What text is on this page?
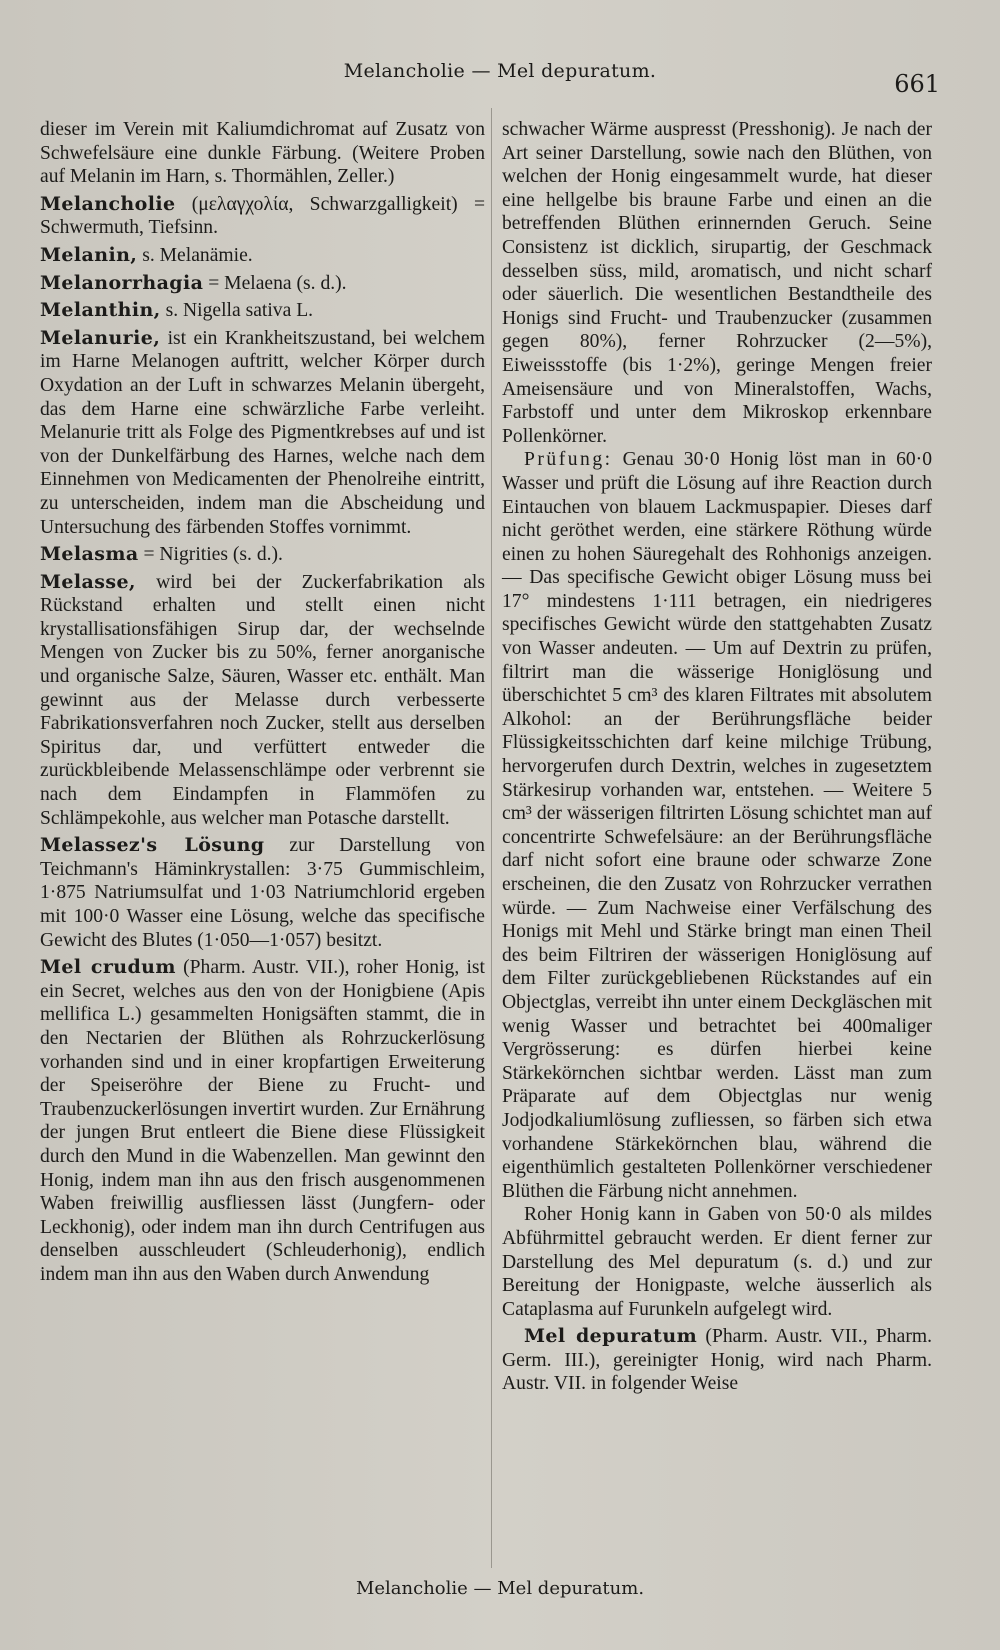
Melancholie — Mel depuratum.	661

dieser im Verein mit Kaliumdichromat auf Zusatz von Schwefelsäure eine dunkle Färbung. (Weitere Proben auf Melanin im Harn, s. Thormählen, Zeller.)

Melancholie (μελαγχολία, Schwarzgalligkeit) = Schwermuth, Tiefsinn.

Melanin, s. Melanämie.

Melanorrhagia = Melaena (s. d.).

Melanthin, s. Nigella sativa L.

Melanurie, ist ein Krankheitszustand, bei welchem im Harne Melanogen auftritt, welcher Körper durch Oxydation an der Luft in schwarzes Melanin übergeht, das dem Harne eine schwärzliche Farbe verleiht. Melanurie tritt als Folge des Pigmentkrebses auf und ist von der Dunkelfärbung des Harnes, welche nach dem Einnehmen von Medicamenten der Phenolreihe eintritt, zu unterscheiden, indem man die Abscheidung und Untersuchung des färbenden Stoffes vornimmt.

Melasma = Nigrities (s. d.).

Melasse, wird bei der Zuckerfabrikation als Rückstand erhalten und stellt einen nicht krystallisationsfähigen Sirup dar, der wechselnde Mengen von Zucker bis zu 50%, ferner anorganische und organische Salze, Säuren, Wasser etc. enthält. Man gewinnt aus der Melasse durch verbesserte Fabrikationsverfahren noch Zucker, stellt aus derselben Spiritus dar, und verfüttert entweder die zurückbleibende Melassenschlämpe oder verbrennt sie nach dem Eindampfen in Flammöfen zu Schlämpekohle, aus welcher man Potasche darstellt.

Melassez's Lösung zur Darstellung von Teichmann's Häminkrystallen: 3·75 Gummischleim, 1·875 Natriumsulfat und 1·03 Natriumchlorid ergeben mit 100·0 Wasser eine Lösung, welche das specifische Gewicht des Blutes (1·050—1·057) besitzt.

Mel crudum (Pharm. Austr. VII.), roher Honig, ist ein Secret, welches aus den von der Honigbiene (Apis mellifica L.) gesammelten Honigsäften stammt, die in den Nectarien der Blüthen als Rohrzuckerlösung vorhanden sind und in einer kropfartigen Erweiterung der Speiseröhre der Biene zu Frucht- und Traubenzuckerlösungen invertirt wurden. Zur Ernährung der jungen Brut entleert die Biene diese Flüssigkeit durch den Mund in die Wabenzellen. Man gewinnt den Honig, indem man ihn aus den frisch ausgenommenen Waben freiwillig ausfliessen lässt (Jungfern- oder Leckhonig), oder indem man ihn durch Centrifugen aus denselben ausschleudert (Schleuderhonig), endlich indem man ihn aus den Waben durch Anwendung

schwacher Wärme auspresst (Presshonig). Je nach der Art seiner Darstellung, sowie nach den Blüthen, von welchen der Honig eingesammelt wurde, hat dieser eine hellgelbe bis braune Farbe und einen an die betreffenden Blüthen erinnernden Geruch. Seine Consistenz ist dicklich, sirupartig, der Geschmack desselben süss, mild, aromatisch, und nicht scharf oder säuerlich. Die wesentlichen Bestandtheile des Honigs sind Frucht- und Traubenzucker (zusammen gegen 80%), ferner Rohrzucker (2—5%), Eiweissstoffe (bis 1·2%), geringe Mengen freier Ameisensäure und von Mineralstoffen, Wachs, Farbstoff und unter dem Mikroskop erkennbare Pollenkörner.

Prüfung: Genau 30·0 Honig löst man in 60·0 Wasser und prüft die Lösung auf ihre Reaction durch Eintauchen von blauem Lackmuspapier. Dieses darf nicht geröthet werden, eine stärkere Röthung würde einen zu hohen Säuregehalt des Rohhonigs anzeigen. — Das specifische Gewicht obiger Lösung muss bei 17° mindestens 1·111 betragen, ein niedrigeres specifisches Gewicht würde den stattgehabten Zusatz von Wasser andeuten. — Um auf Dextrin zu prüfen, filtrirt man die wässerige Honiglösung und überschichtet 5 cm³ des klaren Filtrates mit absolutem Alkohol: an der Berührungsfläche beider Flüssigkeitsschichten darf keine milchige Trübung, hervorgerufen durch Dextrin, welches in zugesetztem Stärkesirup vorhanden war, entstehen. — Weitere 5 cm³ der wässerigen filtrirten Lösung schichtet man auf concentrirte Schwefelsäure: an der Berührungsfläche darf nicht sofort eine braune oder schwarze Zone erscheinen, die den Zusatz von Rohrzucker verrathen würde. — Zum Nachweise einer Verfälschung des Honigs mit Mehl und Stärke bringt man einen Theil des beim Filtriren der wässerigen Honiglösung auf dem Filter zurückgebliebenen Rückstandes auf ein Objectglas, verreibt ihn unter einem Deckgläschen mit wenig Wasser und betrachtet bei 400maliger Vergrösserung: es dürfen hierbei keine Stärkekörnchen sichtbar werden. Lässt man zum Präparate auf dem Objectglas nur wenig Jodjodkaliumlösung zufliessen, so färben sich etwa vorhandene Stärkekörnchen blau, während die eigenthümlich gestalteten Pollenkörner verschiedener Blüthen die Färbung nicht annehmen.

Roher Honig kann in Gaben von 50·0 als mildes Abführmittel gebraucht werden. Er dient ferner zur Darstellung des Mel depuratum (s. d.) und zur Bereitung der Honigpaste, welche äusserlich als Cataplasma auf Furunkeln aufgelegt wird.

Mel depuratum (Pharm. Austr. VII., Pharm. Germ. III.), gereinigter Honig, wird nach Pharm. Austr. VII. in folgender Weise

Melancholie — Mel depuratum.
